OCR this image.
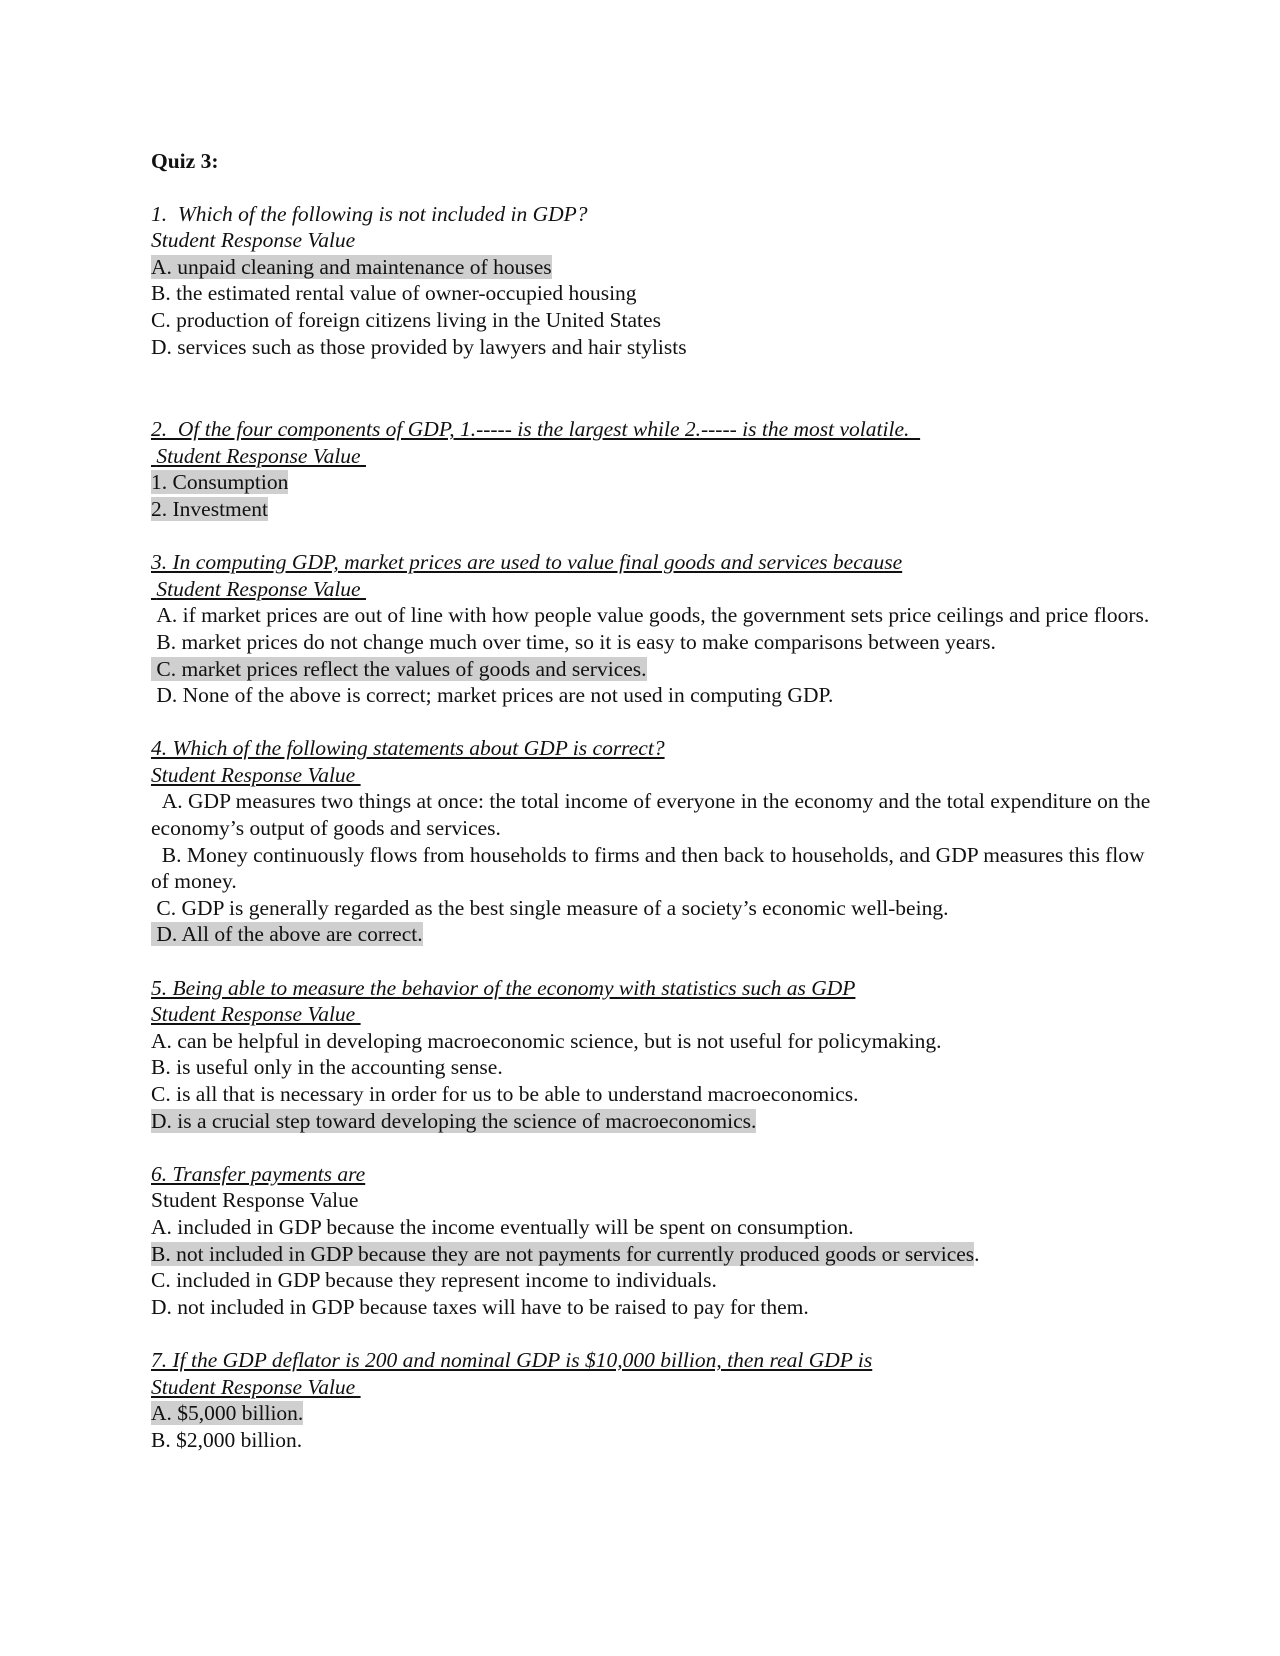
Quiz 3:
1.  Which of the following is not included in GDP?
Student Response Value
A. unpaid cleaning and maintenance of houses
B. the estimated rental value of owner-occupied housing
C. production of foreign citizens living in the United States
D. services such as those provided by lawyers and hair stylists
2.  Of the four components of GDP, 1.----- is the largest while 2.----- is the most volatile.
Student Response Value
1. Consumption
2. Investment
3. In computing GDP, market prices are used to value final goods and services because
Student Response Value
A. if market prices are out of line with how people value goods, the government sets price ceilings and price floors.
B. market prices do not change much over time, so it is easy to make comparisons between years.
C. market prices reflect the values of goods and services.
D. None of the above is correct; market prices are not used in computing GDP.
4. Which of the following statements about GDP is correct?
Student Response Value
A. GDP measures two things at once: the total income of everyone in the economy and the total expenditure on the economy’s output of goods and services.
B. Money continuously flows from households to firms and then back to households, and GDP measures this flow of money.
C. GDP is generally regarded as the best single measure of a society’s economic well-being.
D. All of the above are correct.
5. Being able to measure the behavior of the economy with statistics such as GDP
Student Response Value
A. can be helpful in developing macroeconomic science, but is not useful for policymaking.
B. is useful only in the accounting sense.
C. is all that is necessary in order for us to be able to understand macroeconomics.
D. is a crucial step toward developing the science of macroeconomics.
6. Transfer payments are
Student Response Value
A. included in GDP because the income eventually will be spent on consumption.
B. not included in GDP because they are not payments for currently produced goods or services.
C. included in GDP because they represent income to individuals.
D. not included in GDP because taxes will have to be raised to pay for them.
7. If the GDP deflator is 200 and nominal GDP is $10,000 billion, then real GDP is
Student Response Value
A. $5,000 billion.
B. $2,000 billion.
